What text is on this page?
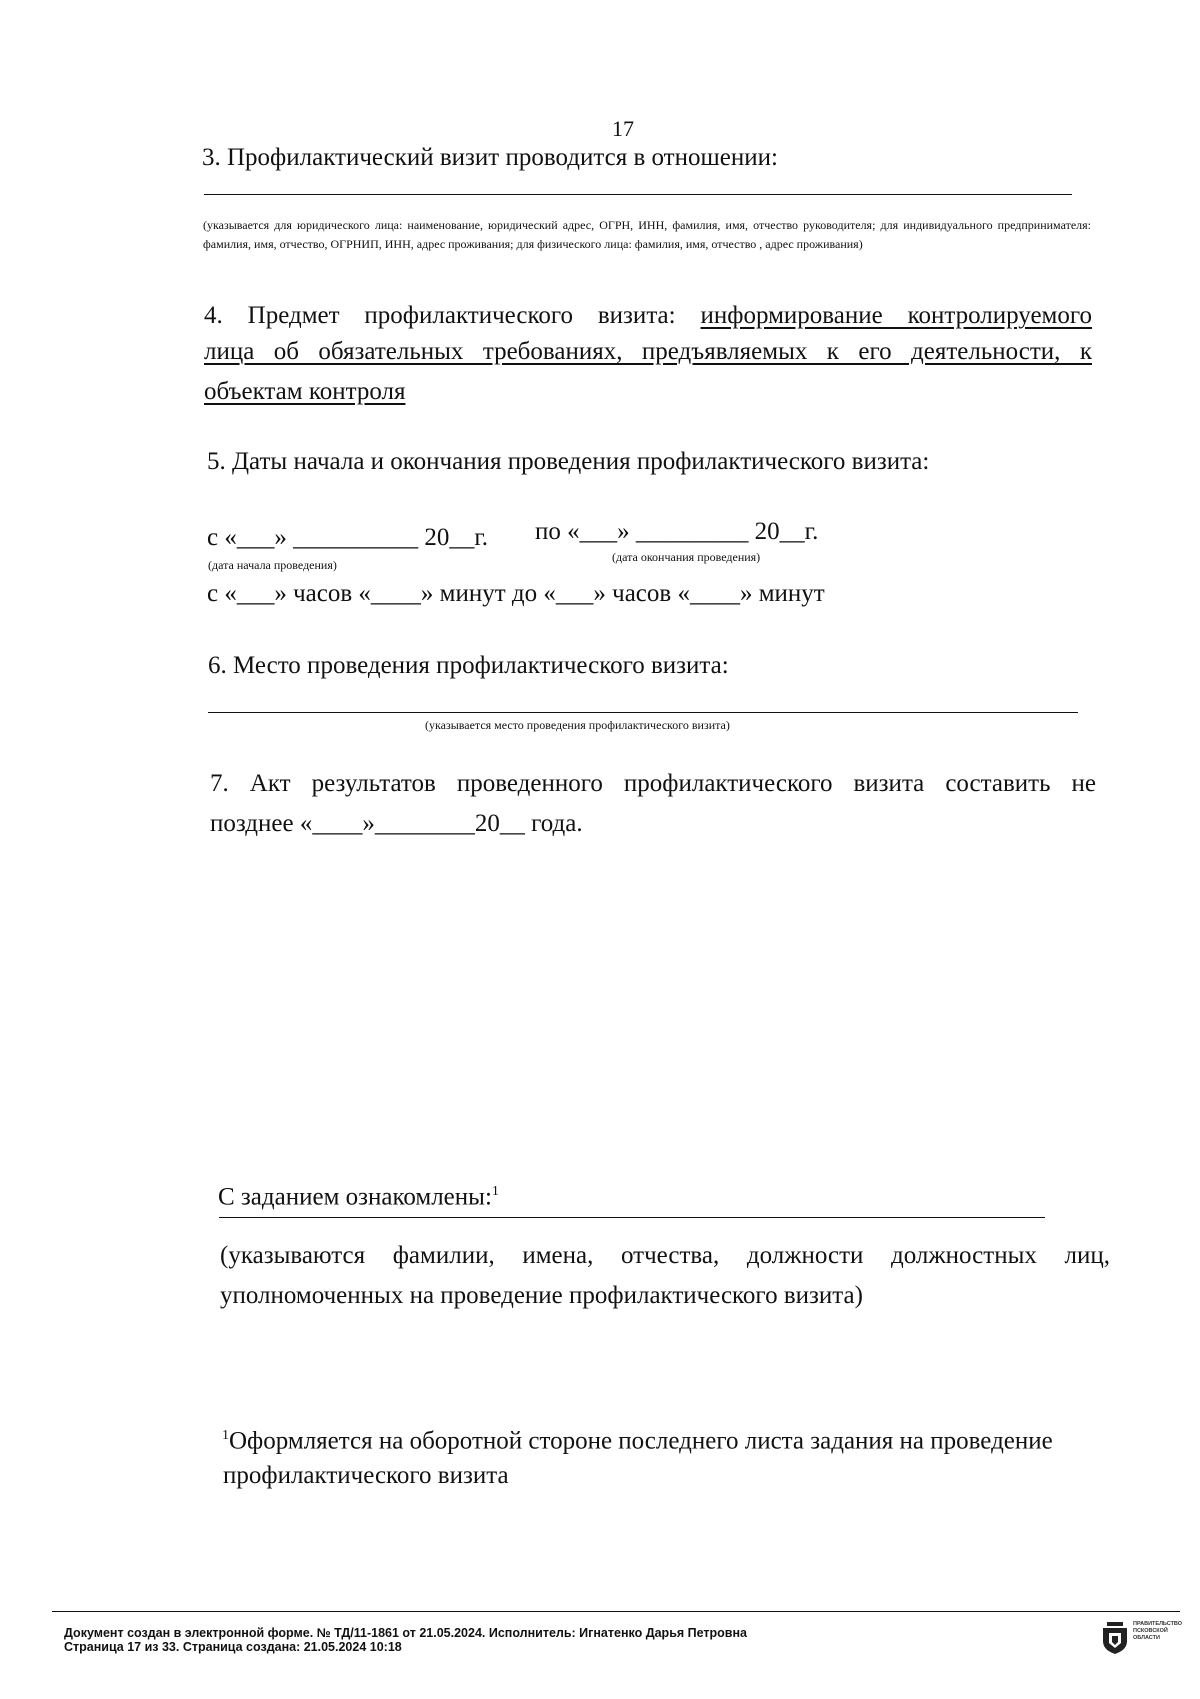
17
3. Профилактический визит проводится в отношении:
(указывается для юридического лица: наименование, юридический адрес, ОГРН, ИНН, фамилия, имя, отчество руководителя; для индивидуального предпринимателя: фамилия, имя, отчество, ОГРНИП, ИНН, адрес проживания; для физического лица: фамилия, имя, отчество , адрес проживания)
4. Предмет профилактического визита: информирование контролируемого
лица об обязательных требованиях, предъявляемых к его деятельности, к
объектам контроля
5. Даты начала и окончания проведения профилактического визита:
с «___» __________ 20__г. по «___» _________ 20__г.
(дата начала проведения)
(дата окончания проведения)
с «___» часов «____» минут до «___» часов «____» минут
6. Место проведения профилактического визита:
(указывается место проведения профилактического визита)
7. Акт результатов проведенного профилактического визита составить не
позднее «____»________20__ года.
С заданием ознакомлены:$^1$
(указываются фамилии, имена, отчества, должности должностных лиц,
уполномоченных на проведение профилактического визита)
$^1$Оформляется на оборотной стороне последнего листа задания на проведение
профилактического визита
Документ создан в электронной форме. № ТД/11-1861 от 21.05.2024. Исполнитель: Игнатенко Дарья Петровна
Страница 17 из 33. Страница создана: 21.05.2024 10:18
ПРАВИТЕЛЬСТВО ПСКОВСКОЙ ОБЛАСТИ
